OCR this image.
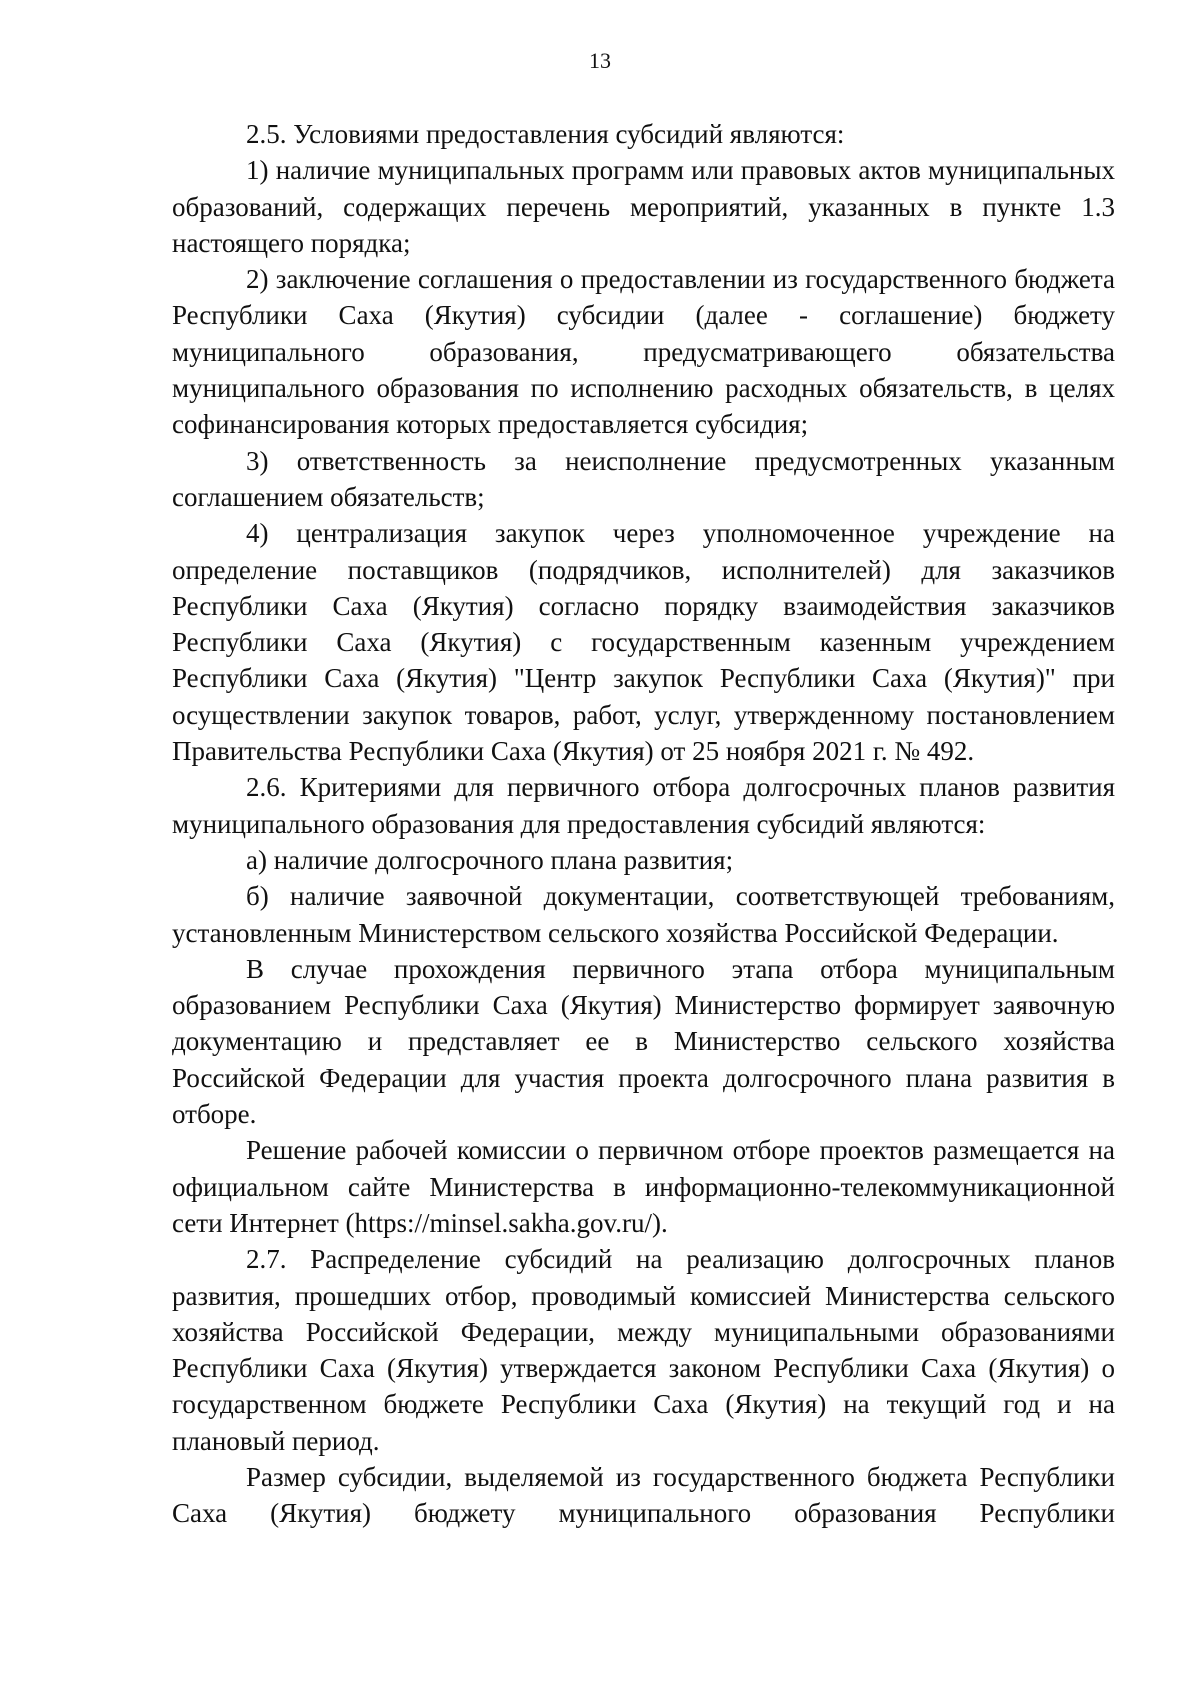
13

2.5. Условиями предоставления субсидий являются:

1) наличие муниципальных программ или правовых актов муниципальных образований, содержащих перечень мероприятий, указанных в пункте 1.3 настоящего порядка;

2) заключение соглашения о предоставлении из государственного бюджета Республики Саха (Якутия) субсидии (далее - соглашение) бюджету муниципального образования, предусматривающего обязательства муниципального образования по исполнению расходных обязательств, в целях софинансирования которых предоставляется субсидия;

3) ответственность за неисполнение предусмотренных указанным соглашением обязательств;

4) централизация закупок через уполномоченное учреждение на определение поставщиков (подрядчиков, исполнителей) для заказчиков Республики Саха (Якутия) согласно порядку взаимодействия заказчиков Республики Саха (Якутия) с государственным казенным учреждением Республики Саха (Якутия) "Центр закупок Республики Саха (Якутия)" при осуществлении закупок товаров, работ, услуг, утвержденному постановлением Правительства Республики Саха (Якутия) от 25 ноября 2021 г. № 492.

2.6. Критериями для первичного отбора долгосрочных планов развития муниципального образования для предоставления субсидий являются:

а) наличие долгосрочного плана развития;

б) наличие заявочной документации, соответствующей требованиям, установленным Министерством сельского хозяйства Российской Федерации.

В случае прохождения первичного этапа отбора муниципальным образованием Республики Саха (Якутия) Министерство формирует заявочную документацию и представляет ее в Министерство сельского хозяйства Российской Федерации для участия проекта долгосрочного плана развития в отборе.

Решение рабочей комиссии о первичном отборе проектов размещается на официальном сайте Министерства в информационно-телекоммуникационной сети Интернет (https://minsel.sakha.gov.ru/).

2.7. Распределение субсидий на реализацию долгосрочных планов развития, прошедших отбор, проводимый комиссией Министерства сельского хозяйства Российской Федерации, между муниципальными образованиями Республики Саха (Якутия) утверждается законом Республики Саха (Якутия) о государственном бюджете Республики Саха (Якутия) на текущий год и на плановый период.

Размер субсидии, выделяемой из государственного бюджета Республики Саха (Якутия) бюджету муниципального образования Республики
